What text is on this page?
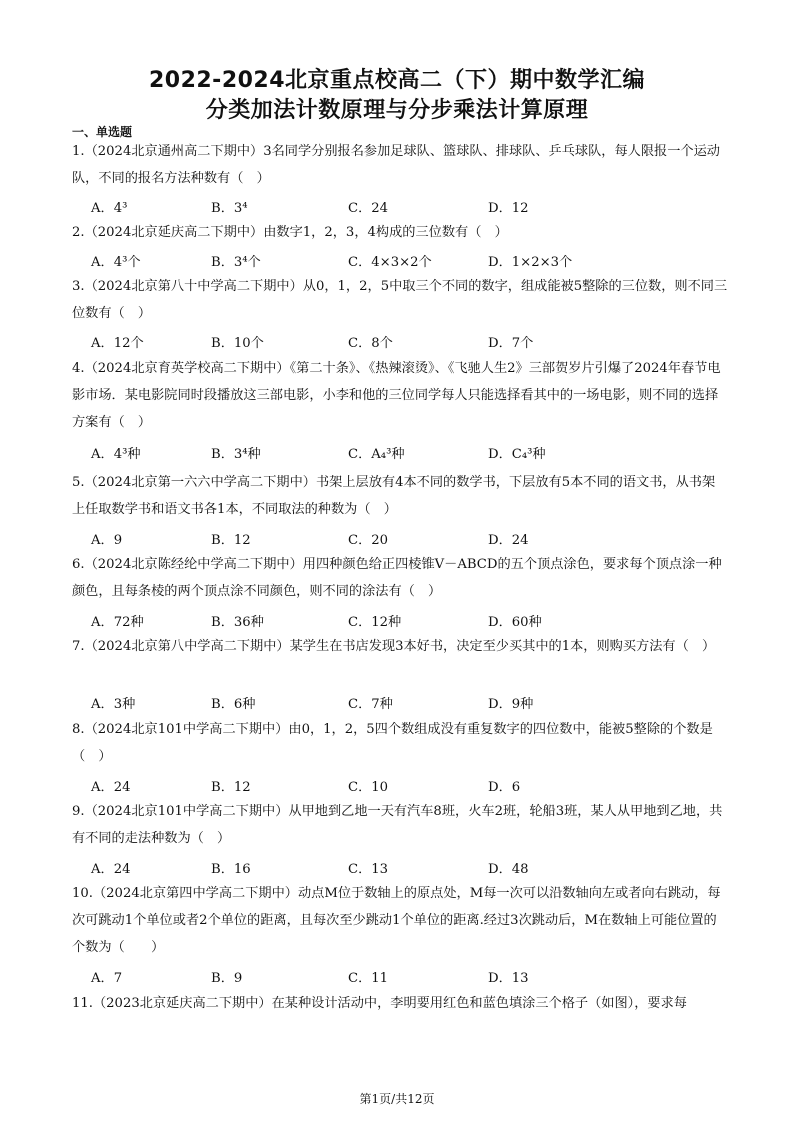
2022-2024北京重点校高二（下）期中数学汇编
分类加法计数原理与分步乘法计算原理
一、单选题
1.（2024北京通州高二下期中）3名同学分别报名参加足球队、篮球队、排球队、乒乓球队，每人限报一个运动队，不同的报名方法种数有（　）
A．4³	B．3⁴	C．24	D．12
2.（2024北京延庆高二下期中）由数字1，2，3，4构成的三位数有（　）
A．4³个	B．3⁴个	C．4×3×2个	D．1×2×3个
3.（2024北京第八十中学高二下期中）从0，1，2，5中取三个不同的数字，组成能被5整除的三位数，则不同三位数有（　）
A．12个	B．10个	C．8个	D．7个
4.（2024北京育英学校高二下期中）《第二十条》、《热辣滚烫》、《飞驰人生2》三部贺岁片引爆了2024年春节电影市场．某电影院同时段播放这三部电影，小李和他的三位同学每人只能选择看其中的一场电影，则不同的选择方案有（　）
A．4³种	B．3⁴种	C．A₄³种	D．C₄³种
5.（2024北京第一六六中学高二下期中）书架上层放有4本不同的数学书，下层放有5本不同的语文书，从书架上任取数学书和语文书各1本，不同取法的种数为（　）
A．9	B．12	C．20	D．24
6.（2024北京陈经纶中学高二下期中）用四种颜色给正四棱锥V－ABCD的五个顶点涂色，要求每个顶点涂一种颜色，且每条棱的两个顶点涂不同颜色，则不同的涂法有（　）
A．72种	B．36种	C．12种	D．60种
7.（2024北京第八中学高二下期中）某学生在书店发现3本好书，决定至少买其中的1本，则购买方法有（　）
A．3种	B．6种	C．7种	D．9种
8.（2024北京101中学高二下期中）由0，1，2，5四个数组成没有重复数字的四位数中，能被5整除的个数是（　）
A．24	B．12	C．10	D．6
9.（2024北京101中学高二下期中）从甲地到乙地一天有汽车8班，火车2班，轮船3班，某人从甲地到乙地，共有不同的走法种数为（　）
A．24	B．16	C．13	D．48
10.（2024北京第四中学高二下期中）动点M位于数轴上的原点处，M每一次可以沿数轴向左或者向右跳动，每次可跳动1个单位或者2个单位的距离，且每次至少跳动1个单位的距离.经过3次跳动后，M在数轴上可能位置的个数为（　　）
A．7	B．9	C．11	D．13
11.（2023北京延庆高二下期中）在某种设计活动中，李明要用红色和蓝色填涂三个格子（如图），要求每
第1页/共12页
